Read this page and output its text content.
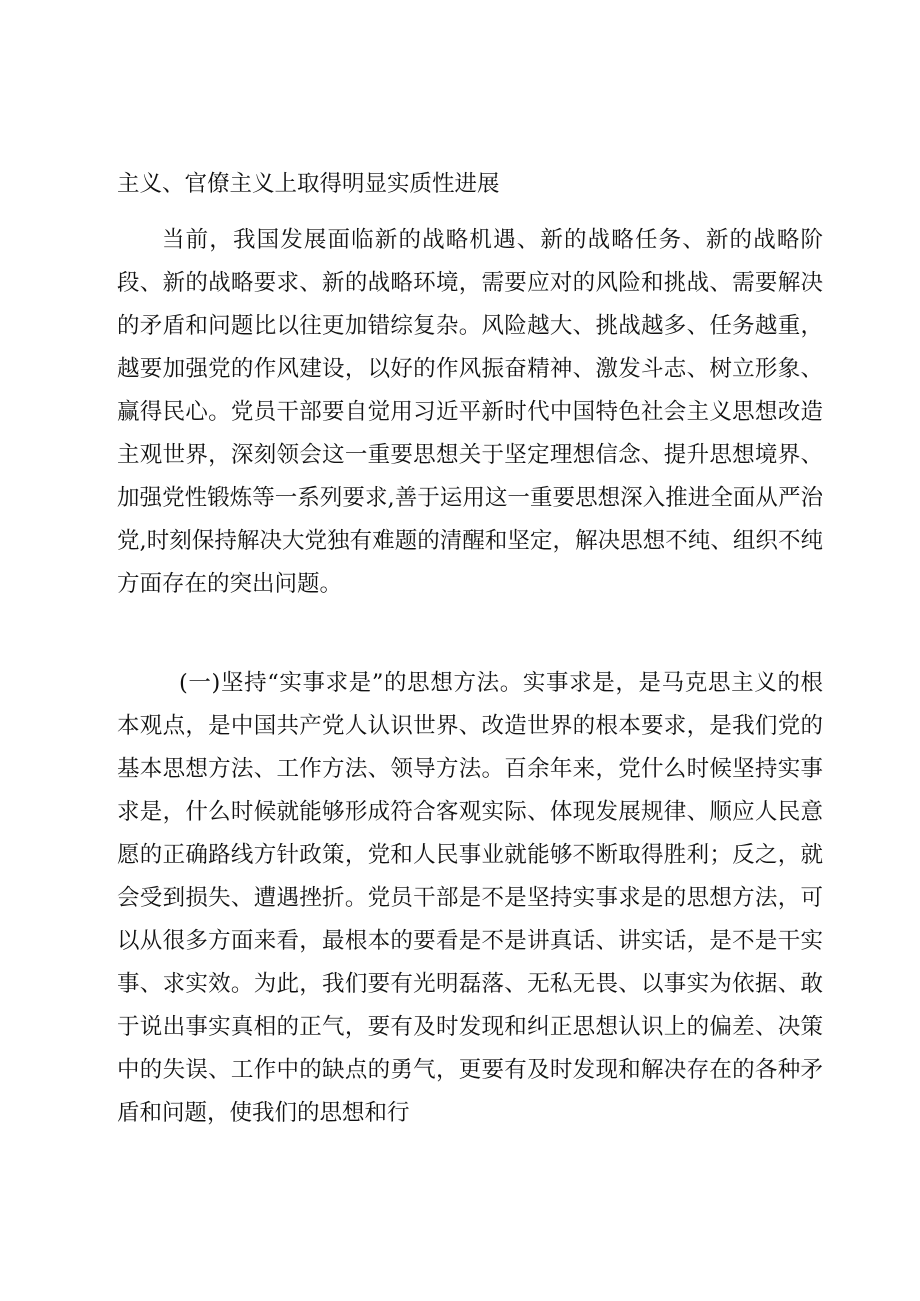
主义、官僚主义上取得明显实质性进展

当前，我国发展面临新的战略机遇、新的战略任务、新的战略阶段、新的战略要求、新的战略环境，需要应对的风险和挑战、需要解决的矛盾和问题比以往更加错综复杂。风险越大、挑战越多、任务越重，越要加强党的作风建设，以好的作风振奋精神、激发斗志、树立形象、赢得民心。党员干部要自觉用习近平新时代中国特色社会主义思想改造主观世界，深刻领会这一重要思想关于坚定理想信念、提升思想境界、加强党性锻炼等一系列要求,善于运用这一重要思想深入推进全面从严治党,时刻保持解决大党独有难题的清醒和坚定，解决思想不纯、组织不纯方面存在的突出问题。

(一)坚持“实事求是”的思想方法。实事求是，是马克思主义的根本观点，是中国共产党人认识世界、改造世界的根本要求，是我们党的基本思想方法、工作方法、领导方法。百余年来，党什么时候坚持实事求是，什么时候就能够形成符合客观实际、体现发展规律、顺应人民意愿的正确路线方针政策，党和人民事业就能够不断取得胜利；反之，就会受到损失、遭遇挫折。党员干部是不是坚持实事求是的思想方法，可以从很多方面来看，最根本的要看是不是讲真话、讲实话，是不是干实事、求实效。为此，我们要有光明磊落、无私无畏、以事实为依据、敢于说出事实真相的正气，要有及时发现和纠正思想认识上的偏差、决策中的失误、工作中的缺点的勇气，更要有及时发现和解决存在的各种矛盾和问题，使我们的思想和行
